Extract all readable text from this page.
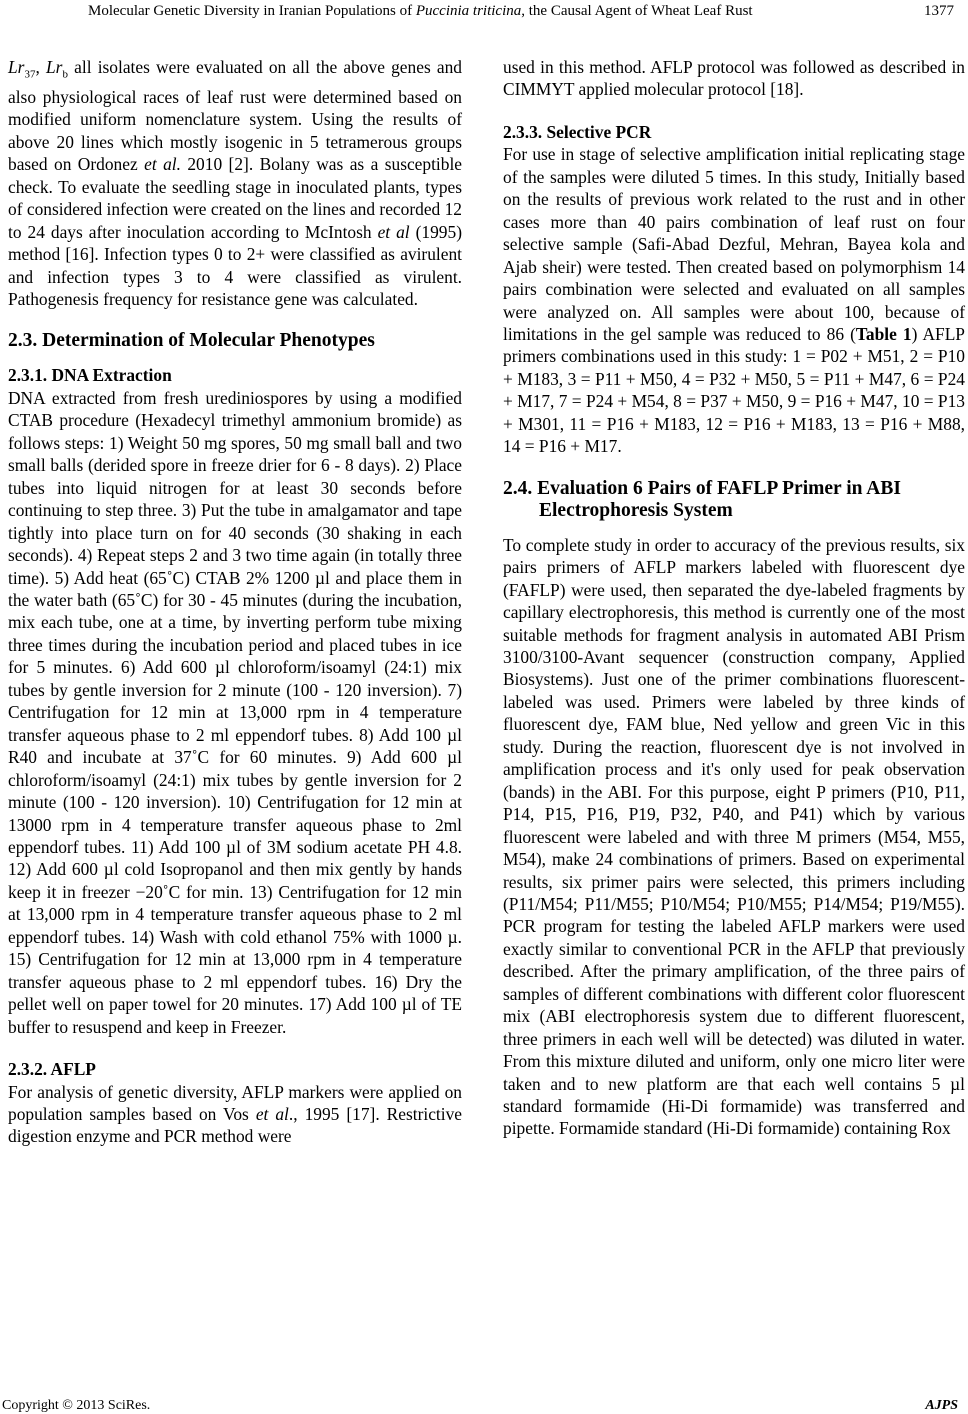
Molecular Genetic Diversity in Iranian Populations of Puccinia triticina, the Causal Agent of Wheat Leaf Rust	1377

$Lr_{37}$, $Lr_b$ all isolates were evaluated on all the above genes and also physiological races of leaf rust were determined based on modified uniform nomenclature system. Using the results of above 20 lines which mostly isogenic in 5 tetramerous groups based on Ordonez et al. 2010 [2]. Bolany was as a susceptible check. To evaluate the seedling stage in inoculated plants, types of considered infection were created on the lines and recorded 12 to 24 days after inoculation according to McIntosh et al (1995) method [16]. Infection types 0 to 2+ were classified as avirulent and infection types 3 to 4 were classified as virulent. Pathogenesis frequency for resistance gene was calculated.

2.3. Determination of Molecular Phenotypes
2.3.1. DNA Extraction

DNA extracted from fresh urediniospores by using a modified CTAB procedure (Hexadecyl trimethyl ammonium bromide) as follows steps: 1) Weight 50 mg spores, 50 mg small ball and two small balls (derided spore in freeze drier for 6 - 8 days). 2) Place tubes into liquid nitrogen for at least 30 seconds before continuing to step three. 3) Put the tube in amalgamator and tape tightly into place turn on for 40 seconds (30 shaking in each seconds). 4) Repeat steps 2 and 3 two time again (in totally three time). 5) Add heat (65˚C) CTAB 2% 1200 µl and place them in the water bath (65˚C) for 30 - 45 minutes (during the incubation, mix each tube, one at a time, by inverting perform tube mixing three times during the incubation period and placed tubes in ice for 5 minutes. 6) Add 600 µl chloroform/isoamyl (24:1) mix tubes by gentle inversion for 2 minute (100 - 120 inversion). 7) Centrifugation for 12 min at 13,000 rpm in 4 temperature transfer aqueous phase to 2 ml eppendorf tubes. 8) Add 100 µl R40 and incubate at 37˚C for 60 minutes. 9) Add 600 µl chloroform/isoamyl (24:1) mix tubes by gentle inversion for 2 minute (100 - 120 inversion). 10) Centrifugation for 12 min at 13000 rpm in 4 temperature transfer aqueous phase to 2ml eppendorf tubes. 11) Add 100 µl of 3M sodium acetate PH 4.8. 12) Add 600 µl cold Isopropanol and then mix gently by hands keep it in freezer −20˚C for min. 13) Centrifugation for 12 min at 13,000 rpm in 4 temperature transfer aqueous phase to 2 ml eppendorf tubes. 14) Wash with cold ethanol 75% with 1000 µ. 15) Centrifugation for 12 min at 13,000 rpm in 4 temperature transfer aqueous phase to 2 ml eppendorf tubes. 16) Dry the pellet well on paper towel for 20 minutes. 17) Add 100 µl of TE buffer to resuspend and keep in Freezer.

2.3.2. AFLP

For analysis of genetic diversity, AFLP markers were applied on population samples based on Vos et al., 1995 [17]. Restrictive digestion enzyme and PCR method were

used in this method. AFLP protocol was followed as described in CIMMYT applied molecular protocol [18].

2.3.3. Selective PCR

For use in stage of selective amplification initial replicating stage of the samples were diluted 5 times. In this study, Initially based on the results of previous work related to the rust and in other cases more than 40 pairs combination of leaf rust on four selective sample (Safi-Abad Dezful, Mehran, Bayea kola and Ajab sheir) were tested. Then created based on polymorphism 14 pairs combination were selected and evaluated on all samples were analyzed on. All samples were about 100, because of limitations in the gel sample was reduced to 86 (Table 1) AFLP primers combinations used in this study: 1 = P02 + M51, 2 = P10 + M183, 3 = P11 + M50, 4 = P32 + M50, 5 = P11 + M47, 6 = P24 + M17, 7 = P24 + M54, 8 = P37 + M50, 9 = P16 + M47, 10 = P13 + M301, 11 = P16 + M183, 12 = P16 + M183, 13 = P16 + M88, 14 = P16 + M17.

2.4. Evaluation 6 Pairs of FAFLP Primer in ABI Electrophoresis System

To complete study in order to accuracy of the previous results, six pairs primers of AFLP markers labeled with fluorescent dye (FAFLP) were used, then separated the dye-labeled fragments by capillary electrophoresis, this method is currently one of the most suitable methods for fragment analysis in automated ABI Prism 3100/3100-Avant sequencer (construction company, Applied Biosystems). Just one of the primer combinations fluorescent-labeled was used. Primers were labeled by three kinds of fluorescent dye, FAM blue, Ned yellow and green Vic in this study. During the reaction, fluorescent dye is not involved in amplification process and it's only used for peak observation (bands) in the ABI. For this purpose, eight P primers (P10, P11, P14, P15, P16, P19, P32, P40, and P41) which by various fluorescent were labeled and with three M primers (M54, M55, M54), make 24 combinations of primers. Based on experimental results, six primer pairs were selected, this primers including (P11/M54; P11/M55; P10/M54; P10/M55; P14/M54; P19/M55). PCR program for testing the labeled AFLP markers were used exactly similar to conventional PCR in the AFLP that previously described. After the primary amplification, of the three pairs of samples of different combinations with different color fluorescent mix (ABI electrophoresis system due to different fluorescent, three primers in each well will be detected) was diluted in water. From this mixture diluted and uniform, only one micro liter were taken and to new platform are that each well contains 5 µl standard formamide (Hi-Di formamide) was transferred and pipette. Formamide standard (Hi-Di formamide) containing Rox

Copyright © 2013 SciRes.	AJPS
